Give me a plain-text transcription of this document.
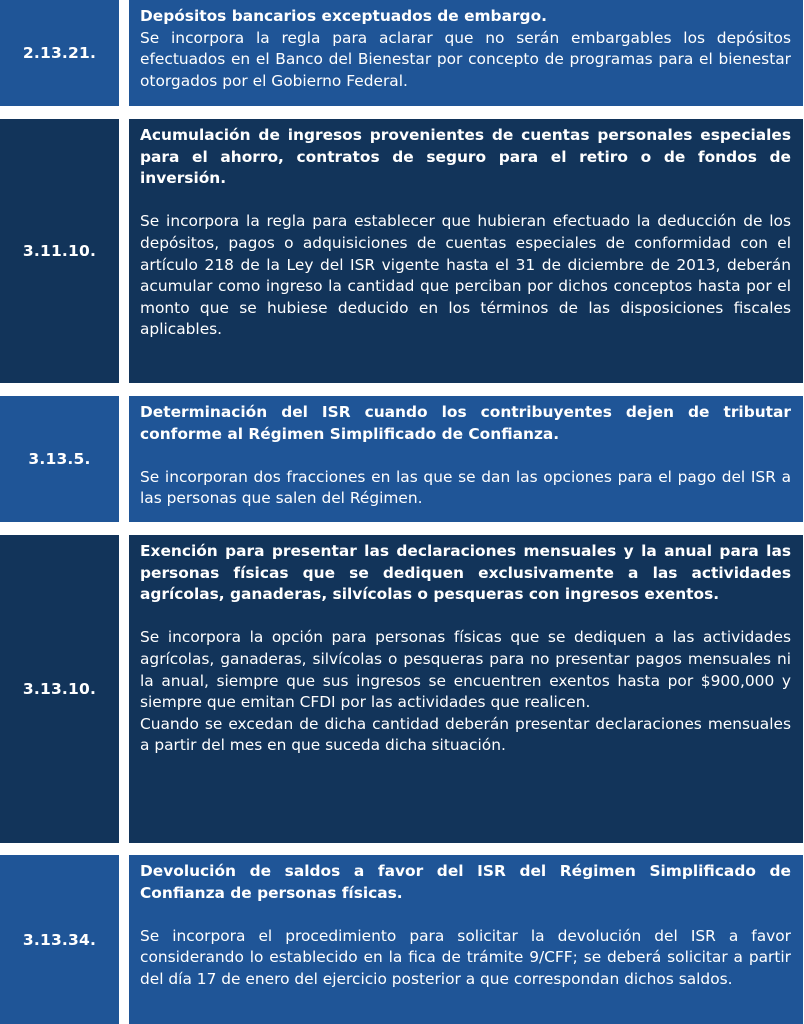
2.13.21.

Depósitos bancarios exceptuados de embargo.

Se incorpora la regla para aclarar que no serán embargables los depósitos efectuados en el Banco del Bienestar por concepto de programas para el bienestar otorgados por el Gobierno Federal.

3.11.10.

Acumulación de ingresos provenientes de cuentas personales especiales para el ahorro, contratos de seguro para el retiro o de fondos de inversión.

Se incorpora la regla para establecer que hubieran efectuado la deducción de los depósitos, pagos o adquisiciones de cuentas especiales de conformidad con el artículo 218 de la Ley del ISR vigente hasta el 31 de diciembre de 2013, deberán acumular como ingreso la cantidad que perciban por dichos conceptos hasta por el monto que se hubiese deducido en los términos de las disposiciones fiscales aplicables.

3.13.5.

Determinación del ISR cuando los contribuyentes dejen de tributar conforme al Régimen Simplificado de Confianza.

Se incorporan dos fracciones en las que se dan las opciones para el pago del ISR a las personas que salen del Régimen.

3.13.10.

Exención para presentar las declaraciones mensuales y la anual para las personas físicas que se dediquen exclusivamente a las actividades agrícolas, ganaderas, silvícolas o pesqueras con ingresos exentos.

Se incorpora la opción para personas físicas que se dediquen a las actividades agrícolas, ganaderas, silvícolas o pesqueras para no presentar pagos mensuales ni la anual, siempre que sus ingresos se encuentren exentos hasta por $900,000 y siempre que emitan CFDI por las actividades que realicen.

Cuando se excedan de dicha cantidad deberán presentar declaraciones mensuales a partir del mes en que suceda dicha situación.

3.13.34.

Devolución de saldos a favor del ISR del Régimen Simplificado de Confianza de personas físicas.

Se incorpora el procedimiento para solicitar la devolución del ISR a favor considerando lo establecido en la fica de trámite 9/CFF; se deberá solicitar a partir del día 17 de enero del ejercicio posterior a que correspondan dichos saldos.
